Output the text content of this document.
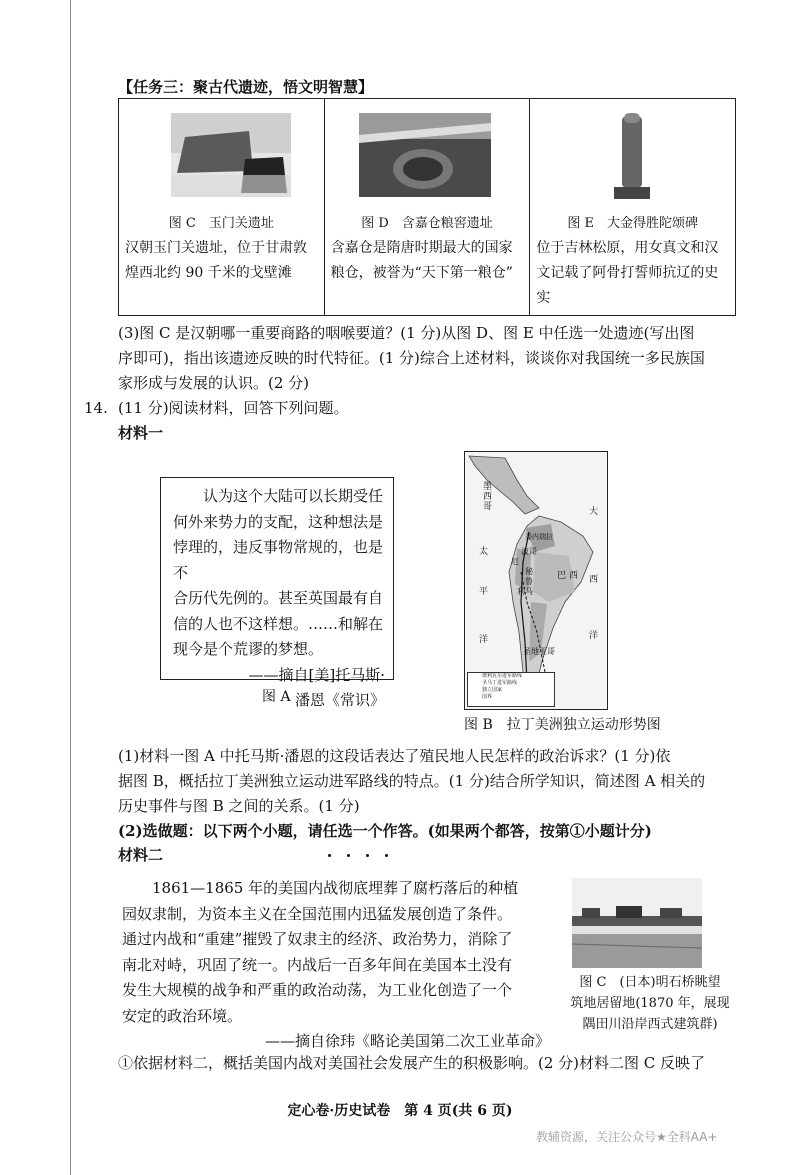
【任务三：聚古代遗迹，悟文明智慧】
图 C　玉门关遗址
汉朝玉门关遗址，位于甘肃敦煌西北约 90 千米的戈壁滩

图 D　含嘉仓粮窖遗址
含嘉仓是隋唐时期最大的国家粮仓，被誉为“天下第一粮仓”

图 E　大金得胜陀颂碑
位于吉林松原，用女真文和汉文记载了阿骨打誓师抗辽的史实
(3)图 C 是汉朝哪一重要商路的咽喉要道？(1 分)从图 D、图 E 中任选一处遗迹(写出图
序即可)，指出该遗迹反映的时代特征。(1 分)综合上述材料，谈谈你对我国统一多民族国
家形成与发展的认识。(2 分)
14. (11 分)阅读材料，回答下列问题。
材料一
认为这个大陆可以长期受任
何外来势力的支配，这种想法是
悖理的，违反事物常规的，也是不
合历代先例的。甚至英国最有自
信的人也不这样想。……和解在
现今是个荒谬的梦想。
——摘自[美]托马斯·
潘恩《常识》
图 A
墨
西
哥
太
平
洋
大
西
洋
委内瑞拉
波哥
厄
利马
巴 西
圣地亚哥
秘
鲁
玻利瓦尔进军路线
圣马丁进军路线
独立国家
国界
图 B　拉丁美洲独立运动形势图
(1)材料一图 A 中托马斯·潘恩的这段话表达了殖民地人民怎样的政治诉求？(1 分)依
据图 B，概括拉丁美洲独立运动进军路线的特点。(1 分)结合所学知识，简述图 A 相关的
历史事件与图 B 之间的关系。(1 分)
(2)选做题：以下两个小题，请任选一个作答。(如果两个都答，按第①小题计分)
材料二
1861—1865 年的美国内战彻底埋葬了腐朽落后的种植
园奴隶制，为资本主义在全国范围内迅猛发展创造了条件。
通过内战和“重建”摧毁了奴隶主的经济、政治势力，消除了
南北对峙，巩固了统一。内战后一百多年间在美国本土没有
发生大规模的战争和严重的政治动荡，为工业化创造了一个
安定的政治环境。
——摘自徐玮《略论美国第二次工业革命》
图 C　(日本)明石桥眺望
筑地居留地(1870 年，展现
隅田川沿岸西式建筑群)
①依据材料二，概括美国内战对美国社会发展产生的积极影响。(2 分)材料二图 C 反映了
定心卷·历史试卷　第 4 页(共 6 页)
教辅资源，关注公众号★全科AA+
